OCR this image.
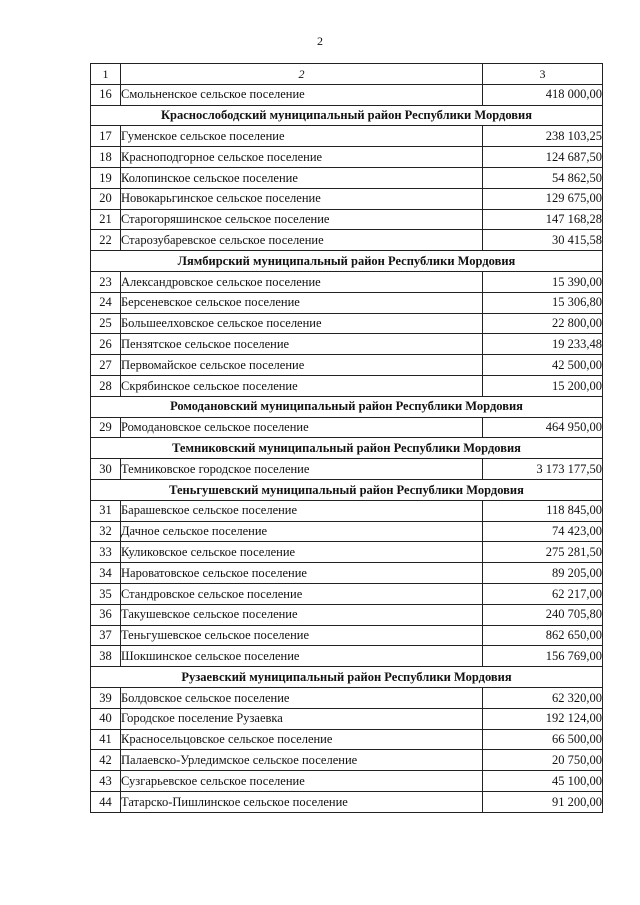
2
1	2	3
16	Смольненское сельское поселение	418 000,00
Краснослободский муниципальный район Республики Мордовия		
17	Гуменское сельское поселение	238 103,25
18	Красноподгорное сельское поселение	124 687,50
19	Колопинское сельское поселение	54 862,50
20	Новокарьгинское сельское поселение	129 675,00
21	Старогоряшинское сельское поселение	147 168,28
22	Старозубаревское сельское поселение	30 415,58
Лямбирский муниципальный район Республики Мордовия		
23	Александровское сельское поселение	15 390,00
24	Берсеневское сельское поселение	15 306,80
25	Большеелховское сельское поселение	22 800,00
26	Пензятское сельское поселение	19 233,48
27	Первомайское сельское поселение	42 500,00
28	Скрябинское сельское поселение	15 200,00
Ромодановский муниципальный район Республики Мордовия		
29	Ромодановское сельское поселение	464 950,00
Темниковский муниципальный район Республики Мордовия		
30	Темниковское городское поселение	3 173 177,50
Теньгушевский муниципальный район Республики Мордовия		
31	Барашевское сельское поселение	118 845,00
32	Дачное сельское поселение	74 423,00
33	Куликовское сельское поселение	275 281,50
34	Нароватовское сельское поселение	89 205,00
35	Стандровское сельское поселение	62 217,00
36	Такушевское сельское поселение	240 705,80
37	Теньгушевское сельское поселение	862 650,00
38	Шокшинское сельское поселение	156 769,00
Рузаевский муниципальный район Республики Мордовия		
39	Болдовское сельское поселение	62 320,00
40	Городское поселение Рузаевка	192 124,00
41	Красносельцовское сельское поселение	66 500,00
42	Палаевско-Урледимское сельское поселение	20 750,00
43	Сузгарьевское сельское поселение	45 100,00
44	Татарско-Пишлинское сельское поселение	91 200,00
